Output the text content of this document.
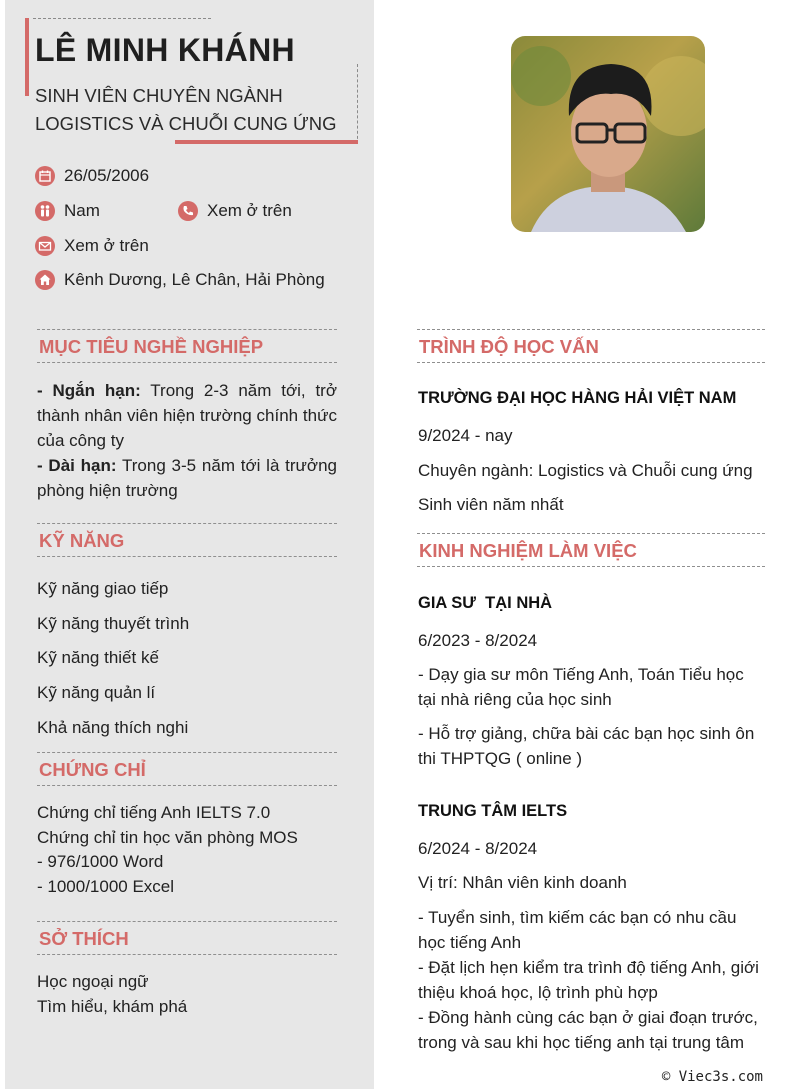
LÊ MINH KHÁNH

SINH VIÊN CHUYÊN NGÀNH
LOGISTICS VÀ CHUỖI CUNG ỨNG

26/05/2006
Nam	Xem ở trên
Xem ở trên
Kênh Dương, Lê Chân, Hải Phòng
MỤC TIÊU NGHỀ NGHIỆP
- Ngắn hạn: Trong 2-3 năm tới, trở thành nhân viên hiện trường chính thức của công ty
- Dài hạn: Trong 3-5 năm tới là trưởng phòng hiện trường
KỸ NĂNG
Kỹ năng giao tiếp
Kỹ năng thuyết trình
Kỹ năng thiết kế
Kỹ năng quản lí
Khả năng thích nghi
CHỨNG CHỈ
Chứng chỉ tiếng Anh IELTS 7.0
Chứng chỉ tin học văn phòng MOS
- 976/1000 Word
- 1000/1000 Excel
SỞ THÍCH
Học ngoại ngữ
Tìm hiểu, khám phá
TRÌNH ĐỘ HỌC VẤN
TRƯỜNG ĐẠI HỌC HÀNG HẢI VIỆT NAM
9/2024 - nay
Chuyên ngành: Logistics và Chuỗi cung ứng
Sinh viên năm nhất
KINH NGHIỆM LÀM VIỆC
GIA SƯ  TẠI NHÀ
6/2023 - 8/2024
- Dạy gia sư môn Tiếng Anh, Toán Tiểu học tại nhà riêng của học sinh
- Hỗ trợ giảng, chữa bài các bạn học sinh ôn thi THPTQG ( online )
TRUNG TÂM IELTS
6/2024 - 8/2024
Vị trí: Nhân viên kinh doanh
- Tuyển sinh, tìm kiếm các bạn có nhu cầu học tiếng Anh
- Đặt lịch hẹn kiểm tra trình độ tiếng Anh, giới thiệu khoá học, lộ trình phù hợp
- Đồng hành cùng các bạn ở giai đoạn trước, trong và sau khi học tiếng anh tại trung tâm
© Viec3s.com
